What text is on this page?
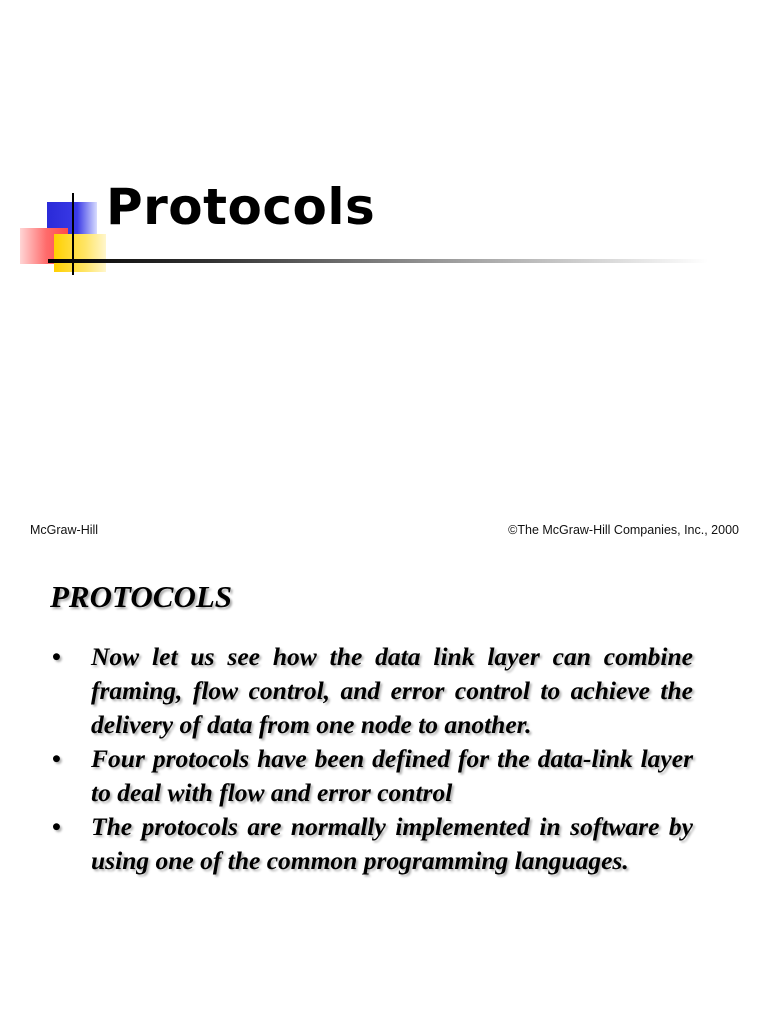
Protocols
McGraw-Hill	©The McGraw-Hill Companies, Inc., 2000
PROTOCOLS
• Now let us see how the data link layer can combine framing, flow control, and error control to achieve the delivery of data from one node to another.
• Four protocols have been defined for the data-link layer to deal with flow and error control
• The protocols are normally implemented in software by using one of the common programming languages.
